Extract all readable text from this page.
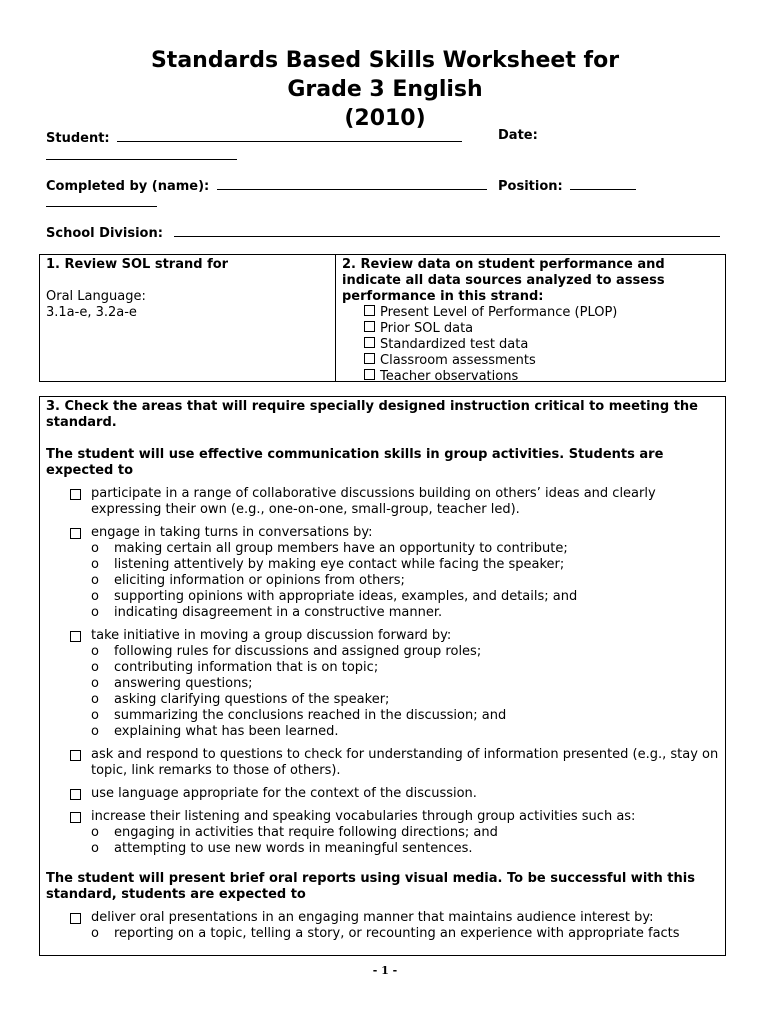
Standards Based Skills Worksheet for
Grade 3 English
(2010)
Student:	Date:
Completed by (name):	Position:
School Division:
1. Review SOL strand for
Oral Language:
3.1a-e, 3.2a-e
2. Review data on student performance and indicate all data sources analyzed to assess performance in this strand:
Present Level of Performance (PLOP)
Prior SOL data
Standardized test data
Classroom assessments
Teacher observations
3. Check the areas that will require specially designed instruction critical to meeting the standard.
The student will use effective communication skills in group activities. Students are expected to
participate in a range of collaborative discussions building on others’ ideas and clearly expressing their own (e.g., one-on-one, small-group, teacher led).
engage in taking turns in conversations by:
o making certain all group members have an opportunity to contribute;
o listening attentively by making eye contact while facing the speaker;
o eliciting information or opinions from others;
o supporting opinions with appropriate ideas, examples, and details; and
o indicating disagreement in a constructive manner.
take initiative in moving a group discussion forward by:
o following rules for discussions and assigned group roles;
o contributing information that is on topic;
o answering questions;
o asking clarifying questions of the speaker;
o summarizing the conclusions reached in the discussion; and
o explaining what has been learned.
ask and respond to questions to check for understanding of information presented (e.g., stay on topic, link remarks to those of others).
use language appropriate for the context of the discussion.
increase their listening and speaking vocabularies through group activities such as:
o engaging in activities that require following directions; and
o attempting to use new words in meaningful sentences.
The student will present brief oral reports using visual media. To be successful with this standard, students are expected to
deliver oral presentations in an engaging manner that maintains audience interest by:
o reporting on a topic, telling a story, or recounting an experience with appropriate facts
- 1 -
